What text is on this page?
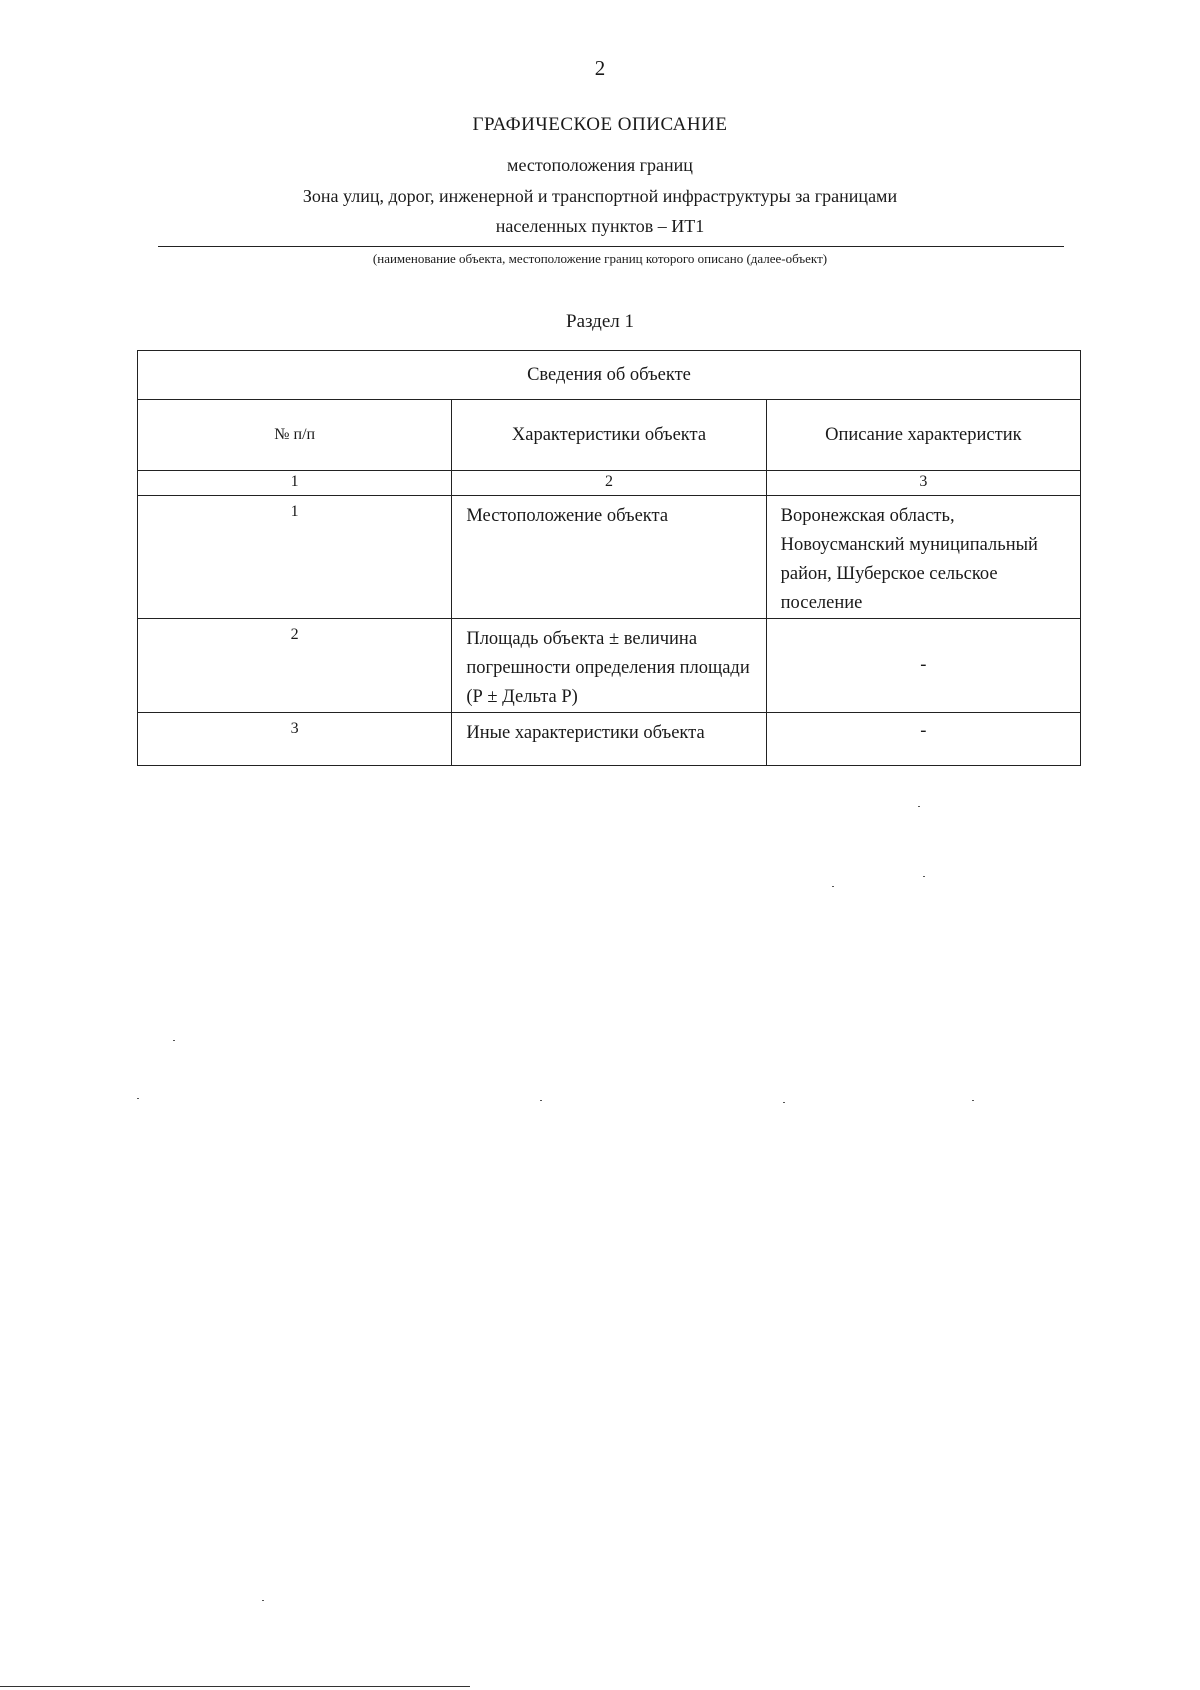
2
ГРАФИЧЕСКОЕ ОПИСАНИЕ
местоположения границ
Зона улиц, дорог, инженерной и транспортной инфраструктуры за границами
населенных пунктов – ИТ1
(наименование объекта, местоположение границ которого описано (далее-объект)
Раздел 1
Сведения об объекте		
№ п/п	Характеристики объекта	Описание характеристик
1	2	3

1	Местоположение объекта	Воронежская область, Новоусманский муниципальный район, Шуберское сельское поселение

2	Площадь объекта ± величина погрешности определения площади (Р ± Дельта Р)	-

3	Иные характеристики объекта	-
